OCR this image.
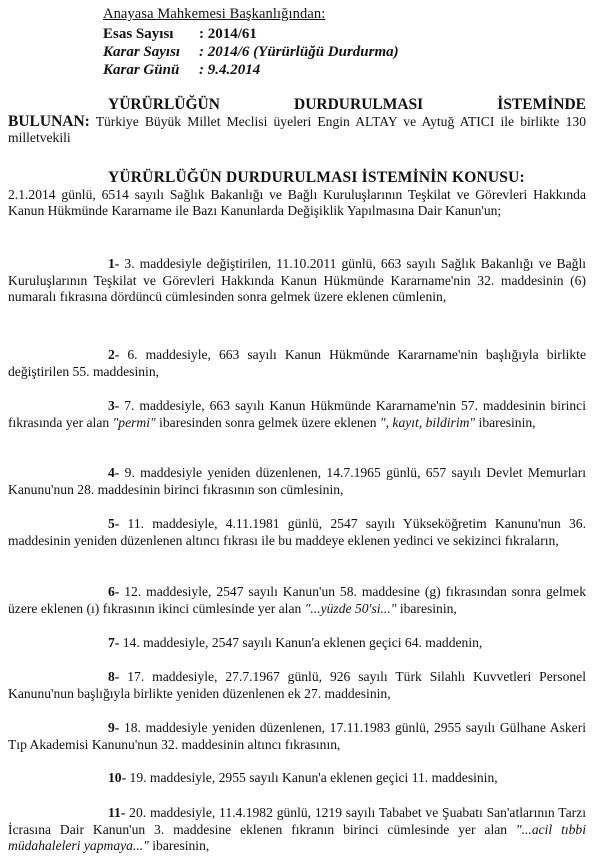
Anayasa Mahkemesi Başkanlığından:
Esas Sayısı : 2014/61
Karar Sayısı : 2014/6 (Yürürlüğü Durdurma)
Karar Günü : 9.4.2014
YÜRÜRLÜĞÜN	DURDURULMASI	İSTEMİNDE
BULUNAN: Türkiye Büyük Millet Meclisi üyeleri Engin ALTAY ve Aytuğ ATICI ile birlikte 130 milletvekili
YÜRÜRLÜĞÜN DURDURULMASI İSTEMİNİN KONUSU:
2.1.2014 günlü, 6514 sayılı Sağlık Bakanlığı ve Bağlı Kuruluşlarının Teşkilat ve Görevleri Hakkında Kanun Hükmünde Kararname ile Bazı Kanunlarda Değişiklik Yapılmasına Dair Kanun'un;
1- 3. maddesiyle değiştirilen, 11.10.2011 günlü, 663 sayılı Sağlık Bakanlığı ve Bağlı Kuruluşlarının Teşkilat ve Görevleri Hakkında Kanun Hükmünde Kararname'nin 32. maddesinin (6) numaralı fıkrasına dördüncü cümlesinden sonra gelmek üzere eklenen cümlenin,
2- 6. maddesiyle, 663 sayılı Kanun Hükmünde Kararname'nin başlığıyla birlikte değiştirilen 55. maddesinin,
3- 7. maddesiyle, 663 sayılı Kanun Hükmünde Kararname'nin 57. maddesinin birinci fıkrasında yer alan "permi" ibaresinden sonra gelmek üzere eklenen ", kayıt, bildirim" ibaresinin,
4- 9. maddesiyle yeniden düzenlenen, 14.7.1965 günlü, 657 sayılı Devlet Memurları Kanunu'nun 28. maddesinin birinci fıkrasının son cümlesinin,
5- 11. maddesiyle, 4.11.1981 günlü, 2547 sayılı Yükseköğretim Kanunu'nun 36. maddesinin yeniden düzenlenen altıncı fıkrası ile bu maddeye eklenen yedinci ve sekizinci fıkraların,
6- 12. maddesiyle, 2547 sayılı Kanun'un 58. maddesine (g) fıkrasından sonra gelmek üzere eklenen (ı) fıkrasının ikinci cümlesinde yer alan "...yüzde 50'si..." ibaresinin,
7- 14. maddesiyle, 2547 sayılı Kanun'a eklenen geçici 64. maddenin,
8- 17. maddesiyle, 27.7.1967 günlü, 926 sayılı Türk Silahlı Kuvvetleri Personel Kanunu'nun başlığıyla birlikte yeniden düzenlenen ek 27. maddesinin,
9- 18. maddesiyle yeniden düzenlenen, 17.11.1983 günlü, 2955 sayılı Gülhane Askeri Tıp Akademisi Kanunu'nun 32. maddesinin altıncı fıkrasının,
10- 19. maddesiyle, 2955 sayılı Kanun'a eklenen geçici 11. maddesinin,
11- 20. maddesiyle, 11.4.1982 günlü, 1219 sayılı Tababet ve Şuabatı San'atlarının Tarzı İcrasına Dair Kanun'un 3. maddesine eklenen fıkranın birinci cümlesinde yer alan "...acil tıbbi müdahaleleri yapmaya..." ibaresinin,
